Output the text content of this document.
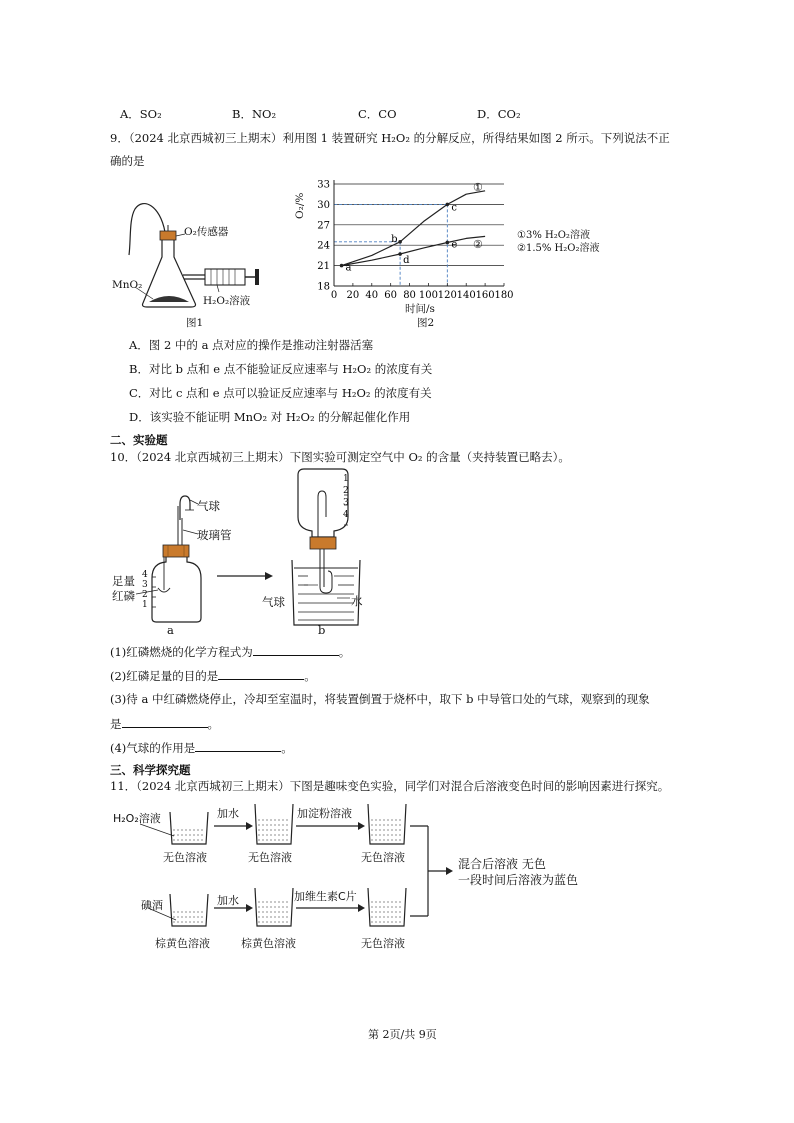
A．SO₂	B．NO₂	C．CO	D．CO₂
9．（2024 北京西城初三上期末）利用图 1 装置研究 H₂O₂ 的分解反应，所得结果如图 2 所示。下列说法不正
确的是
O₂传感器
MnO₂
H₂O₂溶液
图1
18
21
24
27
30
33
0 20 40 60 80 100 120 140 160 180
a
b
d
c
e
①
②
①3% H₂O₂溶液
②1.5% H₂O₂溶液
时间/s
O₂/%
图2
A．图 2 中的 a 点对应的操作是推动注射器活塞
B．对比 b 点和 e 点不能验证反应速率与 H₂O₂ 的浓度有关
C．对比 c 点和 e 点可以验证反应速率与 H₂O₂ 的浓度有关
D．该实验不能证明 MnO₂ 对 H₂O₂ 的分解起催化作用
二、实验题
10．（2024 北京西城初三上期末）下图实验可测定空气中 O₂ 的含量（夹持装置已略去）。
气球
玻璃管
足量
红磷
4
3
2
1
a
1
2
3
4
气球	水
b
(1)红磷燃烧的化学方程式为	。
(2)红磷足量的目的是	。
(3)待 a 中红磷燃烧停止，冷却至室温时，将装置倒置于烧杯中，取下 b 中导管口处的气球，观察到的现象
是	。
(4)气球的作用是	。
三、科学探究题
11．（2024 北京西城初三上期末）下图是趣味变色实验，同学们对混合后溶液变色时间的影响因素进行探究。
H₂O₂溶液	加水	加淀粉溶液
无色溶液	无色溶液	无色溶液
碘酒	加水	加维生素C片
棕黄色溶液	棕黄色溶液	无色溶液
混合后溶液 无色
一段时间后溶液为蓝色
第 2页/共 9页
